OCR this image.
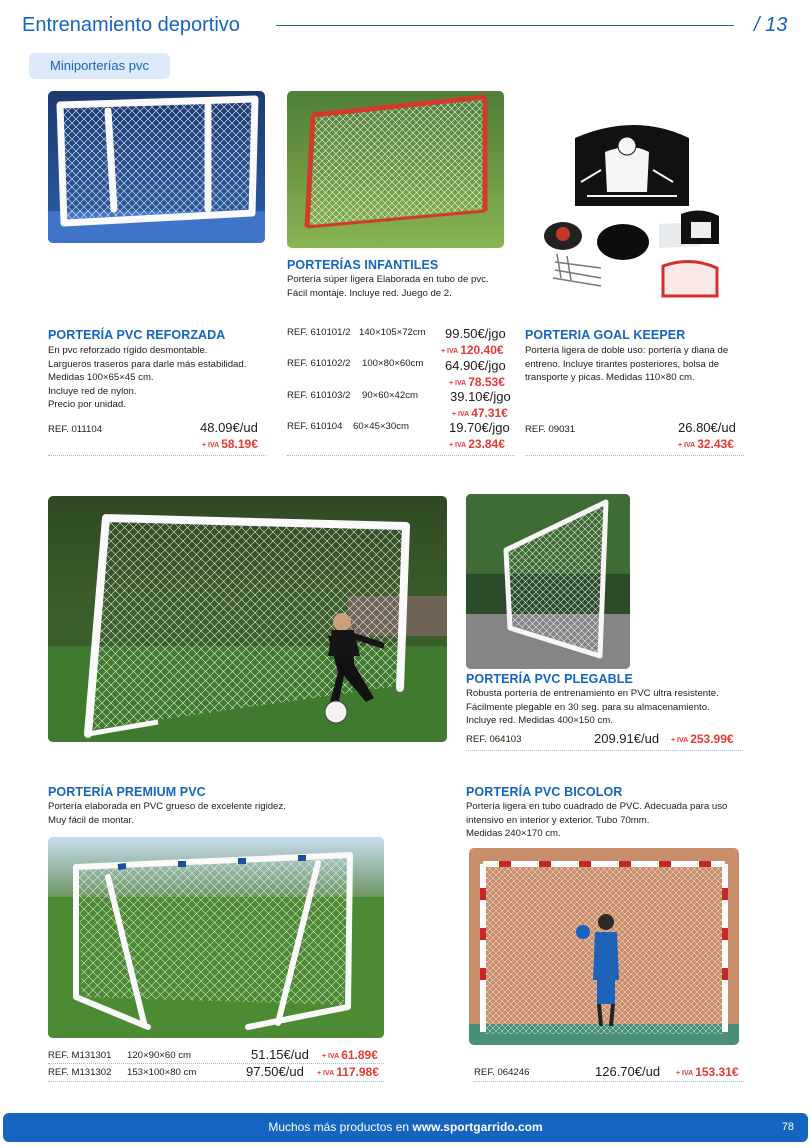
Entrenamiento deportivo	/ 13
Miniporterías pvc
PORTERÍA PVC REFORZADA
En pvc reforzado rígido desmontable.
Largueros traseros para darle más estabilidad.
Medidas 100×65×45 cm.
Incluye red de nylon.
Precio por unidad.
REF. 011104	48.09€/ud
+ IVA 58.19€
PORTERÍAS INFANTILES
Portería súper ligera Elaborada en tubo de pvc.
Fácil montaje. Incluye red. Juego de 2.
REF. 610101/2 140×105×72cm 99.50€/jgo
+ IVA 120.40€
REF. 610102/2 100×80×60cm 64.90€/jgo
+ IVA 78.53€
REF. 610103/2 90×60×42cm 39.10€/jgo
+ IVA 47.31€
REF. 610104 60×45×30cm	19.70€/jgo
+ IVA 23.84€
PORTERIA GOAL KEEPER
Portería ligera de doble uso: portería y diana de
entreno. Incluye tirantes posteriores, bolsa de
transporte y picas. Medidas 110×80 cm.
REF. 09031	26.80€/ud
+ IVA 32.43€
PORTERÍA PVC PLEGABLE
Robusta portería de entrenamiento en PVC ultra resistente.
Fácilmente plegable en 30 seg. para su almacenamiento.
Incluye red. Medidas 400×150 cm.
REF. 064103	209.91€/ud + IVA 253.99€
PORTERÍA PREMIUM PVC
Portería elaborada en PVC grueso de excelente rigidez.
Muy fácil de montar.
REF. M131301 120×90×60 cm	51.15€/ud + IVA 61.89€
REF. M131302 153×100×80 cm	97.50€/ud + IVA 117.98€
PORTERÍA PVC BICOLOR
Portería ligera en tubo cuadrado de PVC. Adecuada para uso
intensivo en interior y exterior. Tubo 70mm.
Medidas 240×170 cm.
REF. 064246	126.70€/ud + IVA 153.31€
Muchos más productos en www.sportgarrido.com	78
